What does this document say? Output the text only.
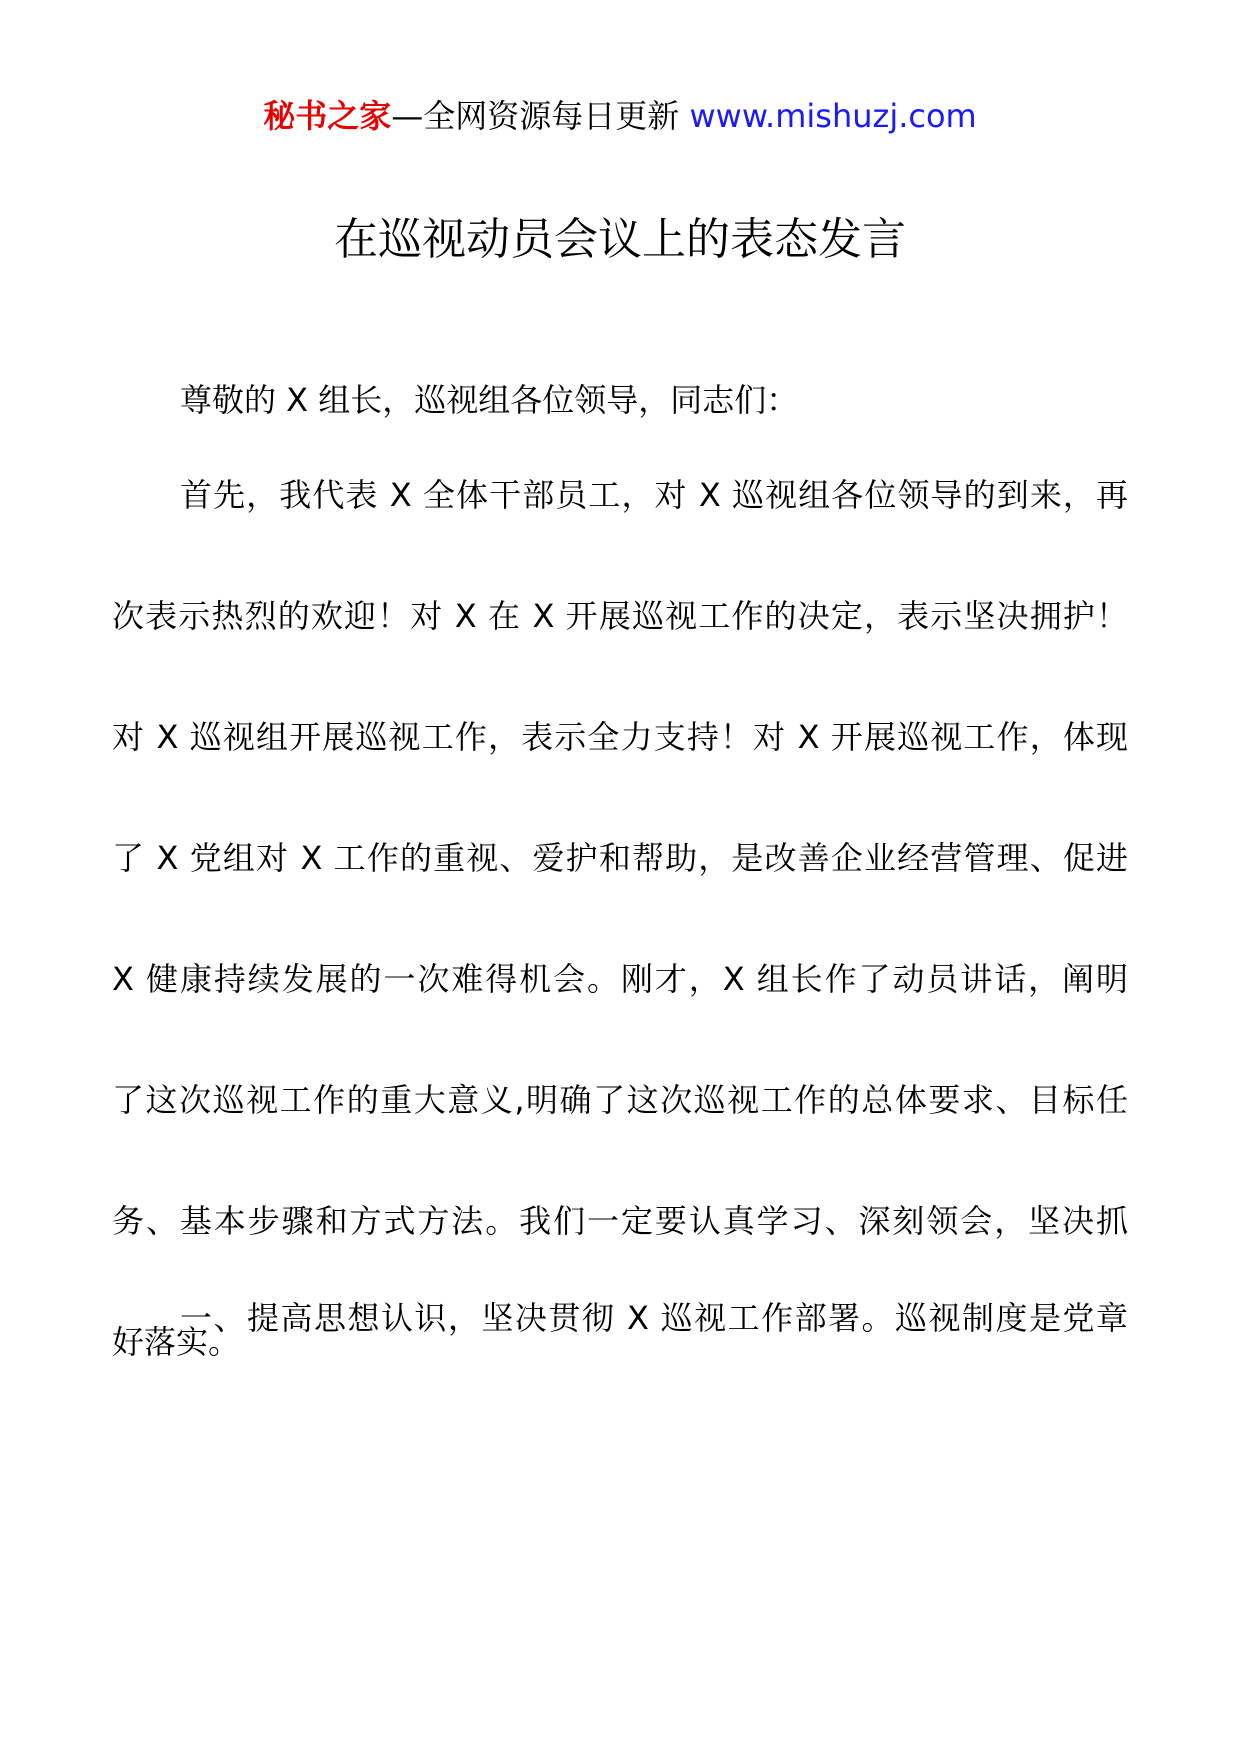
秘书之家—全网资源每日更新 www.mishuzj.com
在巡视动员会议上的表态发言
尊敬的 X 组长，巡视组各位领导，同志们：
首先，我代表 X 全体干部员工，对 X 巡视组各位领导的到来，再
次表示热烈的欢迎！对 X 在 X 开展巡视工作的决定，表示坚决拥护！
对 X 巡视组开展巡视工作，表示全力支持！对 X 开展巡视工作，体现
了 X 党组对 X 工作的重视、爱护和帮助，是改善企业经营管理、促进
X 健康持续发展的一次难得机会。刚才，X 组长作了动员讲话，阐明
了这次巡视工作的重大意义,明确了这次巡视工作的总体要求、目标任
务、基本步骤和方式方法。我们一定要认真学习、深刻领会，坚决抓
好落实。
一、提高思想认识，坚决贯彻 X 巡视工作部署。巡视制度是党章
